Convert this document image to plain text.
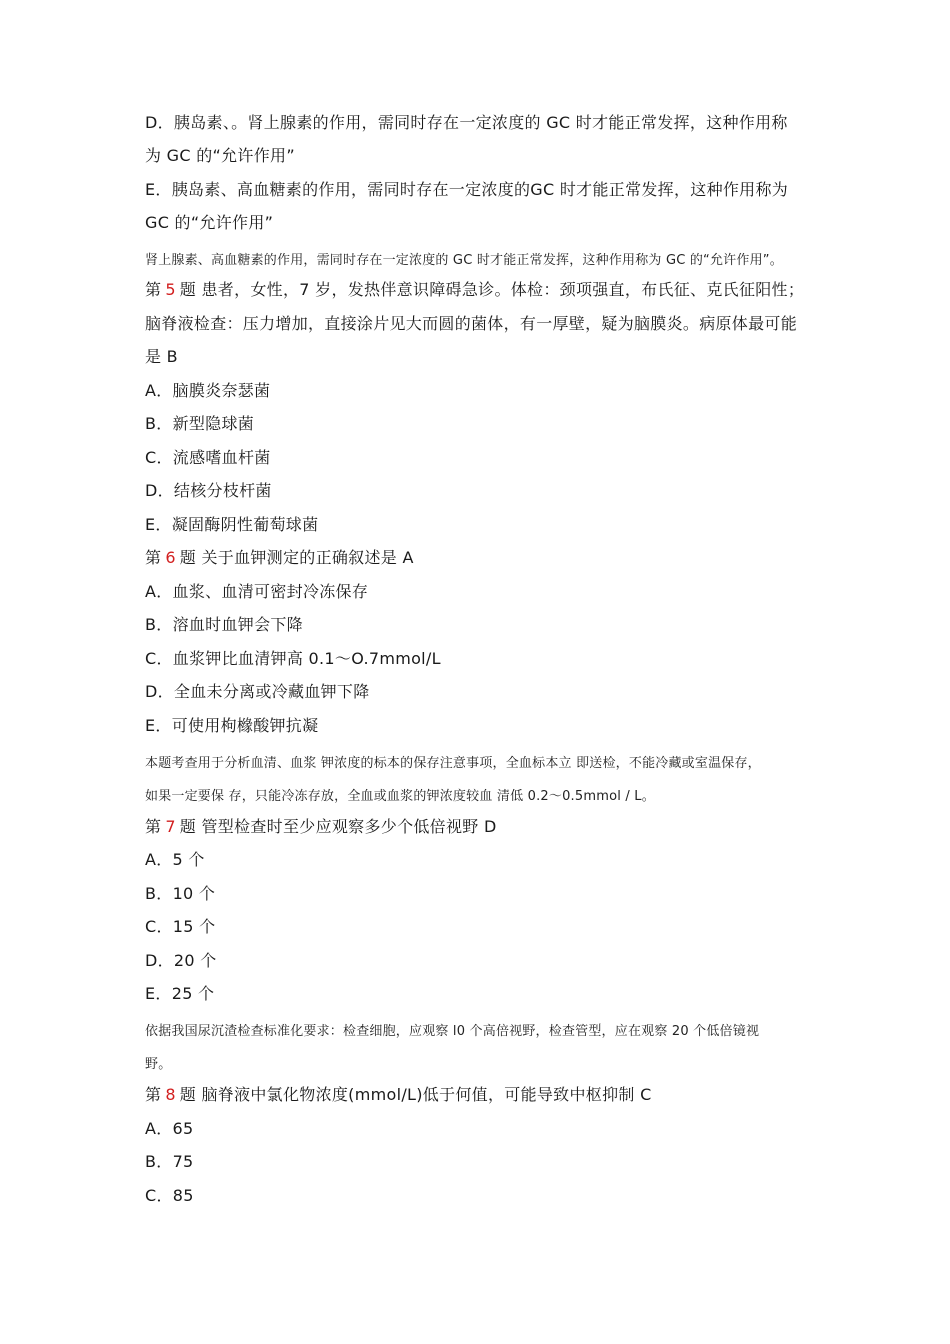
D．胰岛素、。肾上腺素的作用，需同时存在一定浓度的 GC 时才能正常发挥，这种作用称
为 GC 的“允许作用”
E．胰岛素、高血糖素的作用，需同时存在一定浓度的GC 时才能正常发挥，这种作用称为
GC 的“允许作用”
肾上腺素、高血糖素的作用，需同时存在一定浓度的 GC 时才能正常发挥，这种作用称为 GC 的“允许作用”。
第 5 题 患者，女性，7 岁，发热伴意识障碍急诊。体检：颈项强直，布氏征、克氏征阳性；
脑脊液检查：压力增加，直接涂片见大而圆的菌体，有一厚壁，疑为脑膜炎。病原体最可能
是 B
A．脑膜炎奈瑟菌
B．新型隐球菌
C．流感嗜血杆菌
D．结核分枝杆菌
E．凝固酶阴性葡萄球菌
第 6 题 关于血钾测定的正确叙述是 A
A．血浆、血清可密封冷冻保存
B．溶血时血钾会下降
C．血浆钾比血清钾高 0.1～O.7mmol/L
D．全血未分离或冷藏血钾下降
E．可使用枸橼酸钾抗凝
本题考查用于分析血清、血浆 钾浓度的标本的保存注意事项，全血标本立 即送检，不能冷藏或室温保存，
如果一定要保 存，只能冷冻存放，全血或血浆的钾浓度较血 清低 0.2～0.5mmol / L。
第 7 题 管型检查时至少应观察多少个低倍视野 D
A．5 个
B．10 个
C．15 个
D．20 个
E．25 个
依据我国尿沉渣检查标准化要求：检查细胞，应观察 l0 个高倍视野，检查管型，应在观察 20 个低倍镜视
野。
第 8 题 脑脊液中氯化物浓度(mmol/L)低于何值，可能导致中枢抑制 C
A．65
B．75
C．85
